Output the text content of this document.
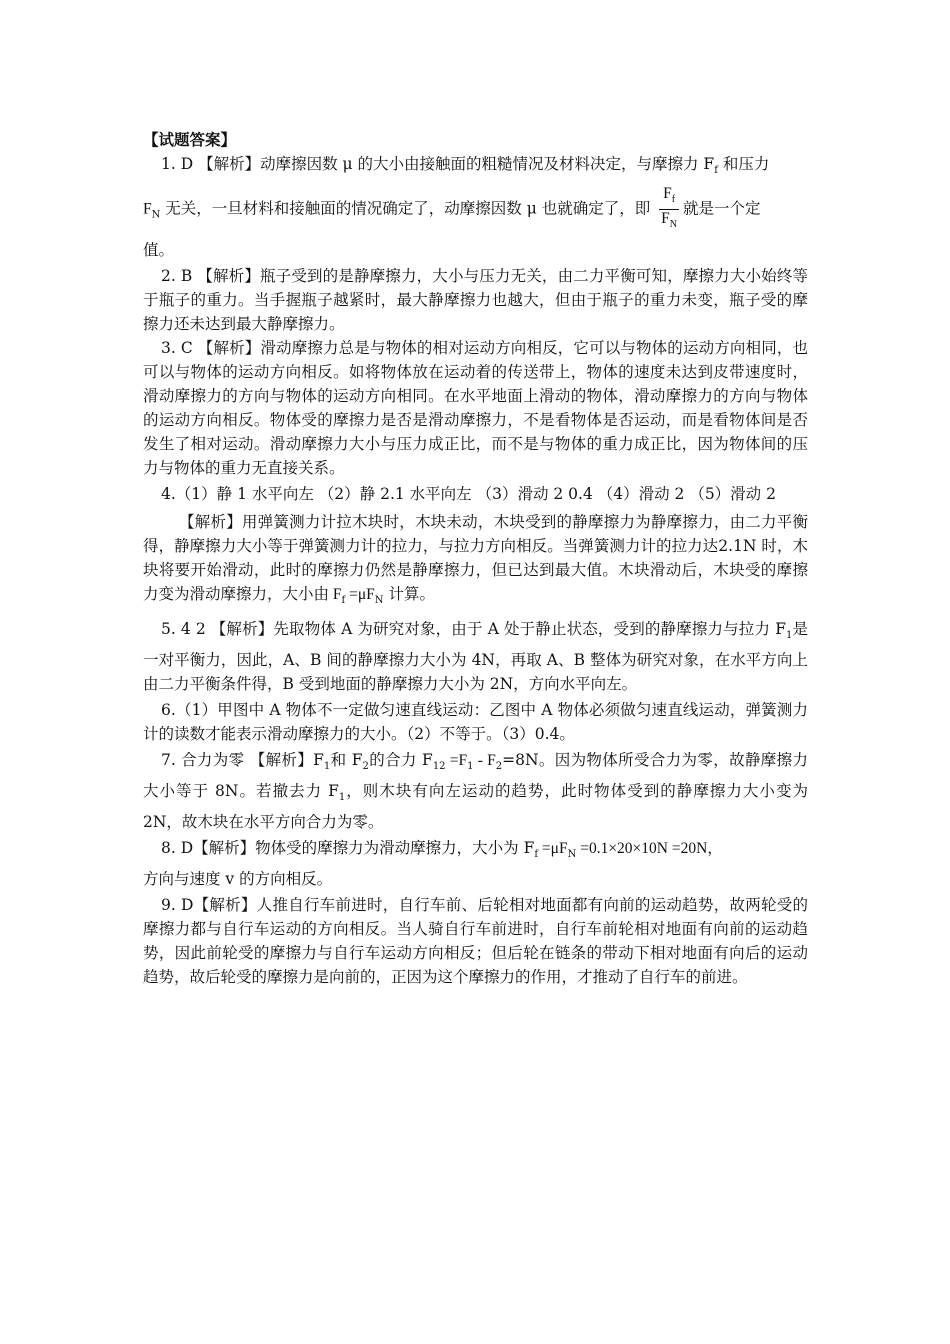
【试题答案】

1. D 【解析】动摩擦因数 μ 的大小由接触面的粗糙情况及材料决定，与摩擦力 $F_f$ 和压力

$F_N$ 无关，一旦材料和接触面的情况确定了，动摩擦因数 μ 也就确定了，即 $\frac{F_f}{F_N}$ 就是一个定

值。

2. B 【解析】瓶子受到的是静摩擦力，大小与压力无关，由二力平衡可知，摩擦力大小始终等于瓶子的重力。当手握瓶子越紧时，最大静摩擦力也越大，但由于瓶子的重力未变，瓶子受的摩擦力还未达到最大静摩擦力。

3. C 【解析】滑动摩擦力总是与物体的相对运动方向相反，它可以与物体的运动方向相同，也可以与物体的运动方向相反。如将物体放在运动着的传送带上，物体的速度未达到皮带速度时，滑动摩擦力的方向与物体的运动方向相同。在水平地面上滑动的物体，滑动摩擦力的方向与物体的运动方向相反。物体受的摩擦力是否是滑动摩擦力，不是看物体是否运动，而是看物体间是否发生了相对运动。滑动摩擦力大小与压力成正比，而不是与物体的重力成正比，因为物体间的压力与物体的重力无直接关系。

4.（1）静 1 水平向左 （2）静 2.1 水平向左 （3）滑动 2 0.4 （4）滑动 2 （5）滑动 2

【解析】用弹簧测力计拉木块时，木块未动，木块受到的静摩擦力为静摩擦力，由二力平衡得，静摩擦力大小等于弹簧测力计的拉力，与拉力方向相反。当弹簧测力计的拉力达2.1N 时，木块将要开始滑动，此时的摩擦力仍然是静摩擦力，但已达到最大值。木块滑动后，木块受的摩擦力变为滑动摩擦力，大小由 $F_f =\mu F_N$ 计算。

5. 4 2 【解析】先取物体 A 为研究对象，由于 A 处于静止状态，受到的静摩擦力与拉力 $F_1$是一对平衡力，因此，A、B 间的静摩擦力大小为 4N，再取 A、B 整体为研究对象，在水平方向上由二力平衡条件得，B 受到地面的静摩擦力大小为 2N，方向水平向左。

6.（1）甲图中 A 物体不一定做匀速直线运动：乙图中 A 物体必须做匀速直线运动，弹簧测力计的读数才能表示滑动摩擦力的大小。（2）不等于。（3）0.4。

7. 合力为零 【解析】$F_1$和 $F_2$的合力 $F_{12} =F_1 - F_2=8N$。因为物体所受合力为零，故静摩擦力大小等于 8N。若撤去力 $F_1$，则木块有向左运动的趋势，此时物体受到的静摩擦力大小变为 2N，故木块在水平方向合力为零。

8. D【解析】物体受的摩擦力为滑动摩擦力，大小为 $F_f =\mu F_N =0.1\times 20\times 10N =20N$，

方向与速度 v 的方向相反。

9. D【解析】人推自行车前进时，自行车前、后轮相对地面都有向前的运动趋势，故两轮受的摩擦力都与自行车运动的方向相反。当人骑自行车前进时，自行车前轮相对地面有向前的运动趋势，因此前轮受的摩擦力与自行车运动方向相反；但后轮在链条的带动下相对地面有向后的运动趋势，故后轮受的摩擦力是向前的，正因为这个摩擦力的作用，才推动了自行车的前进。
